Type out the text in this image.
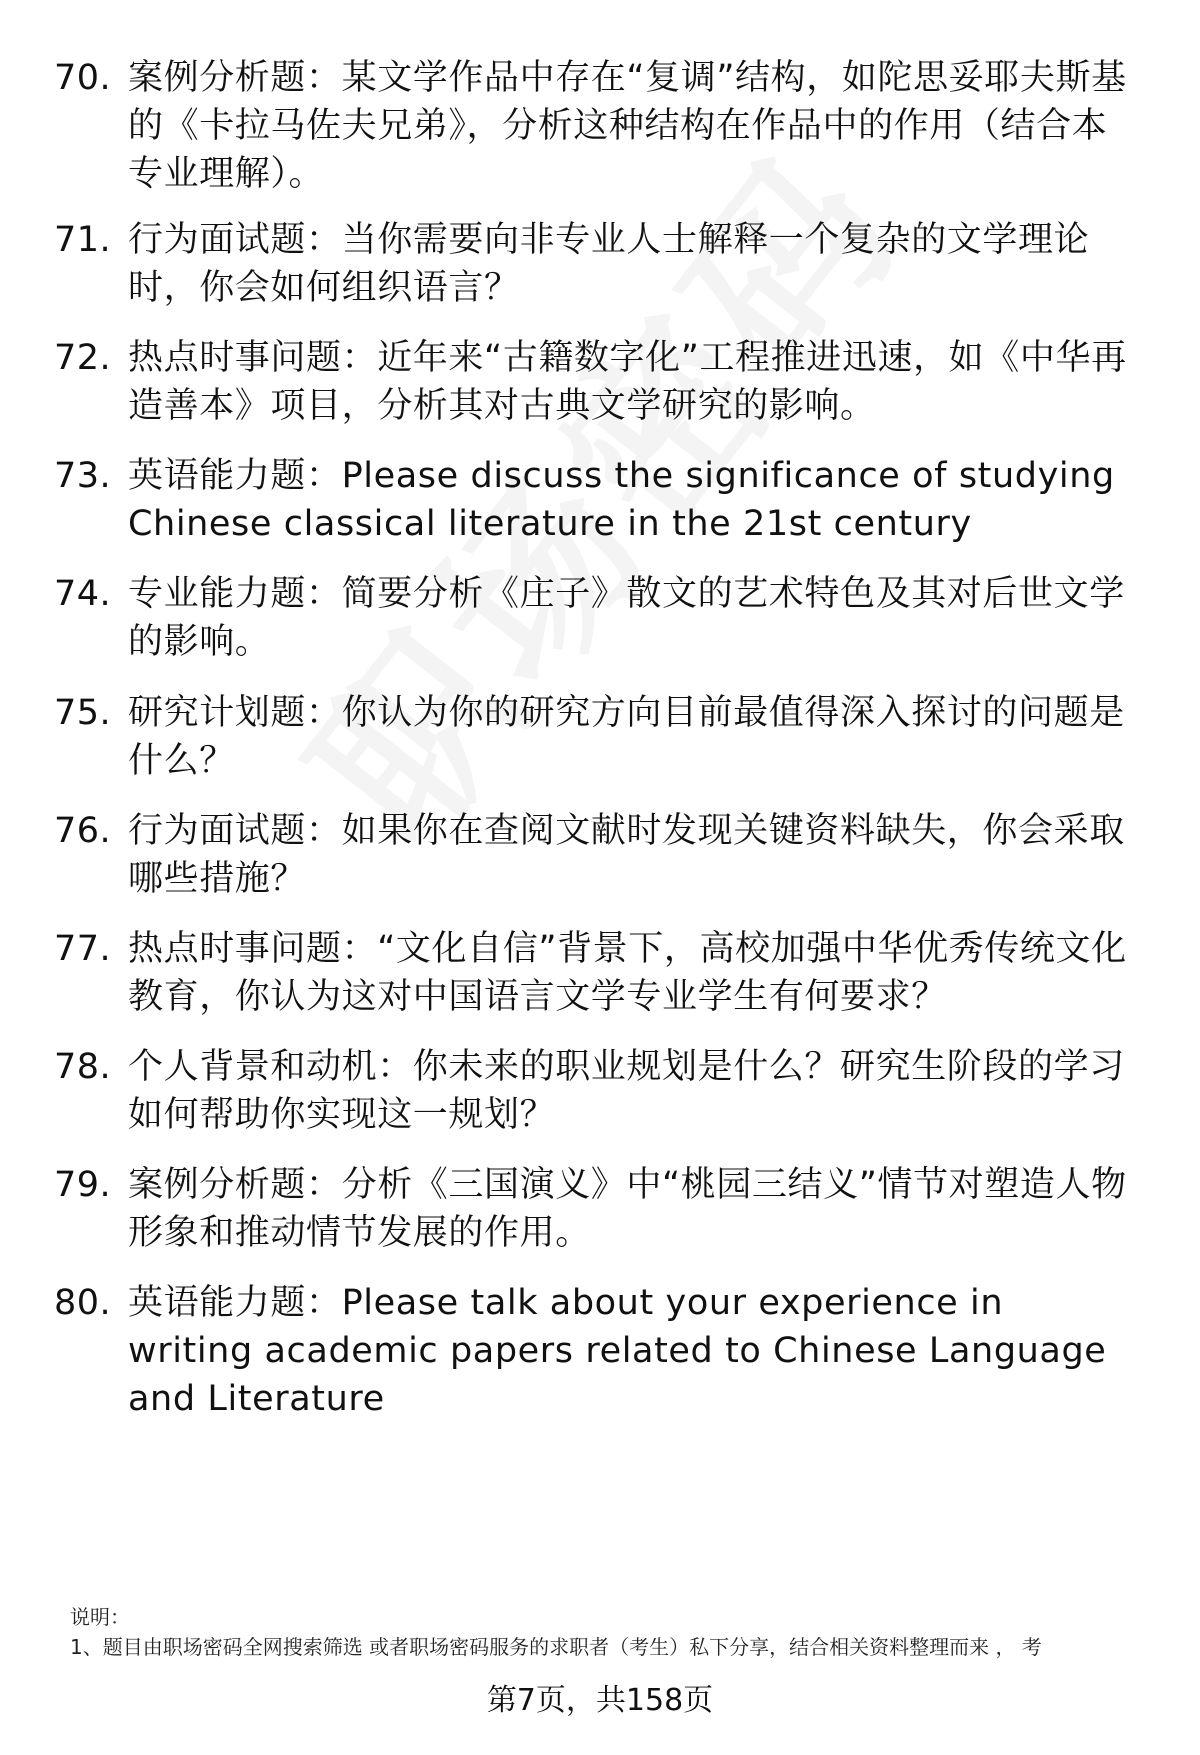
70. 案例分析题：某文学作品中存在“复调”结构，如陀思妥耶夫斯基的《卡拉马佐夫兄弟》，分析这种结构在作品中的作用（结合本专业理解）。
71. 行为面试题：当你需要向非专业人士解释一个复杂的文学理论时，你会如何组织语言？
72. 热点时事问题：近年来“古籍数字化”工程推进迅速，如《中华再造善本》项目，分析其对古典文学研究的影响。
73. 英语能力题：Please discuss the significance of studying Chinese classical literature in the 21st century
74. 专业能力题：简要分析《庄子》散文的艺术特色及其对后世文学的影响。
75. 研究计划题：你认为你的研究方向目前最值得深入探讨的问题是什么？
76. 行为面试题：如果你在查阅文献时发现关键资料缺失，你会采取哪些措施？
77. 热点时事问题：“文化自信”背景下，高校加强中华优秀传统文化教育，你认为这对中国语言文学专业学生有何要求？
78. 个人背景和动机：你未来的职业规划是什么？研究生阶段的学习如何帮助你实现这一规划？
79. 案例分析题：分析《三国演义》中“桃园三结义”情节对塑造人物形象和推动情节发展的作用。
80. 英语能力题：Please talk about your experience in writing academic papers related to Chinese Language and Literature
说明：
1、题目由职场密码全网搜索筛选 或者职场密码服务的求职者（考生）私下分享，结合相关资料整理而来 ， 考
第7页，共158页
